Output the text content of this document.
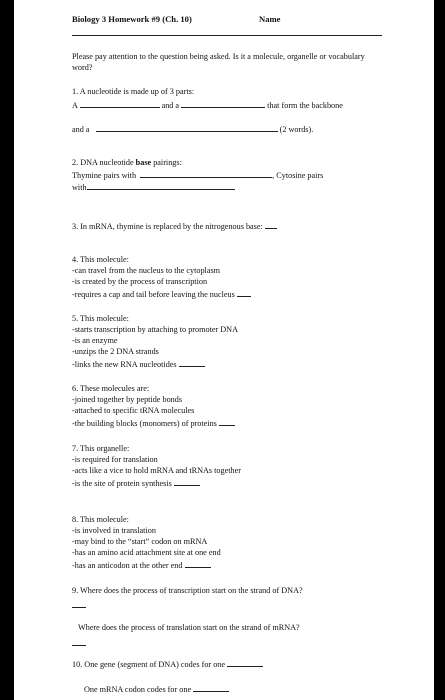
Biology 3 Homework #9 (Ch. 10)	Name
Please pay attention to the question being asked. Is it a molecule, organelle or vocabulary word?
1. A nucleotide is made up of 3 parts:
A	and a	that form the backbone
and a	(2 words).
2. DNA nucleotide base pairings:
Thymine pairs with	, Cytosine pairs
with
3. In mRNA, thymine is replaced by the nitrogenous base:
4. This molecule:
-can travel from the nucleus to the cytoplasm
-is created by the process of transcription
-requires a cap and tail before leaving the nucleus
5. This molecule:
-starts transcription by attaching to promoter DNA
-is an enzyme
-unzips the 2 DNA strands
-links the new RNA nucleotides
6. These molecules are:
-joined together by peptide bonds
-attached to specific tRNA molecules
-the building blocks (monomers) of proteins
7. This organelle:
-is required for translation
-acts like a vice to hold mRNA and tRNAs together
-is the site of protein synthesis
8. This molecule:
-is involved in translation
-may bind to the “start” codon on mRNA
-has an amino acid attachment site at one end
-has an anticodon at the other end
9. Where does the process of transcription start on the strand of DNA?
Where does the process of translation start on the strand of mRNA?
10. One gene (segment of DNA) codes for one
One mRNA codon codes for one
